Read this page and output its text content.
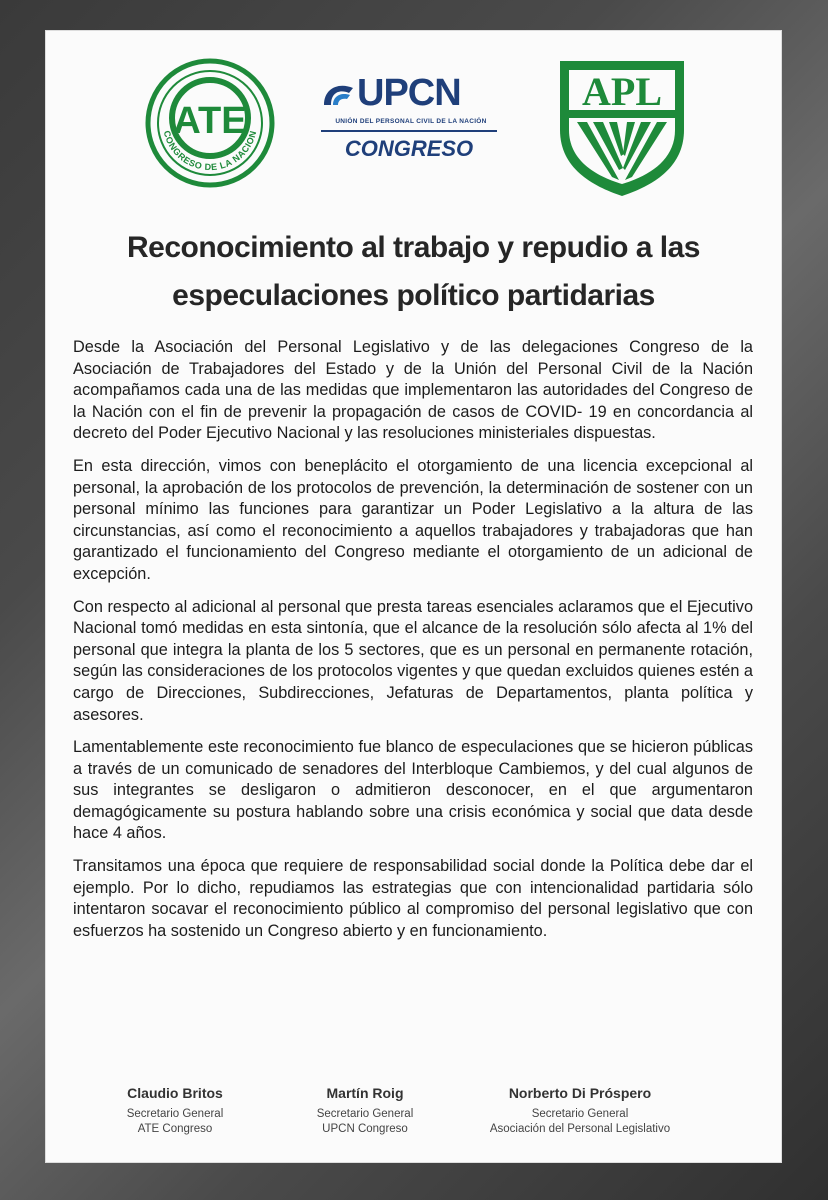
ATE
CONGRESO DE LA NACION
UPCN
UNIÓN DEL PERSONAL CIVIL DE LA NACIÓN
CONGRESO
APL
Reconocimiento al trabajo y repudio a las
especulaciones político partidarias

Desde la Asociación del Personal Legislativo y de las delegaciones Congreso de la Asociación de Trabajadores del Estado y de la Unión del Personal Civil de la Nación acompañamos cada una de las medidas que implementaron las autoridades del Congreso de la Nación con el fin de prevenir la propagación de casos de COVID- 19 en concordancia al decreto del Poder Ejecutivo Nacional y las resoluciones ministeriales dispuestas.

En esta dirección, vimos con beneplácito el otorgamiento de una licencia excepcional al personal, la aprobación de los protocolos de prevención, la determinación de sostener con un personal mínimo las funciones para garantizar un Poder Legislativo a la altura de las circunstancias, así como el reconocimiento a aquellos trabajadores y trabajadoras que han garantizado el funcionamiento del Congreso mediante el otorgamiento de un adicional de excepción.

Con respecto al adicional al personal que presta tareas esenciales aclaramos que el Ejecutivo Nacional tomó medidas en esta sintonía, que el alcance de la resolución sólo afecta al 1% del personal que integra la planta de los 5 sectores, que es un personal en permanente rotación, según las consideraciones de los protocolos vigentes y que quedan excluidos quienes estén a cargo de Direcciones, Subdirecciones, Jefaturas de Departamentos, planta política y asesores.

Lamentablemente este reconocimiento fue blanco de especulaciones que se hicieron públicas a través de un comunicado de senadores del Interbloque Cambiemos, y del cual algunos de sus integrantes se desligaron o admitieron desconocer, en el que argumentaron demagógicamente su postura hablando sobre una crisis económica y social que data desde hace 4 años.

Transitamos una época que requiere de responsabilidad social donde la Política debe dar el ejemplo. Por lo dicho, repudiamos las estrategias que con intencionalidad partidaria sólo intentaron socavar el reconocimiento público al compromiso del personal legislativo que con esfuerzos ha sostenido un Congreso abierto y en funcionamiento.

Claudio Britos
Secretario General
ATE Congreso
Martín Roig
Secretario General
UPCN Congreso
Norberto Di Próspero
Secretario General
Asociación del Personal Legislativo
